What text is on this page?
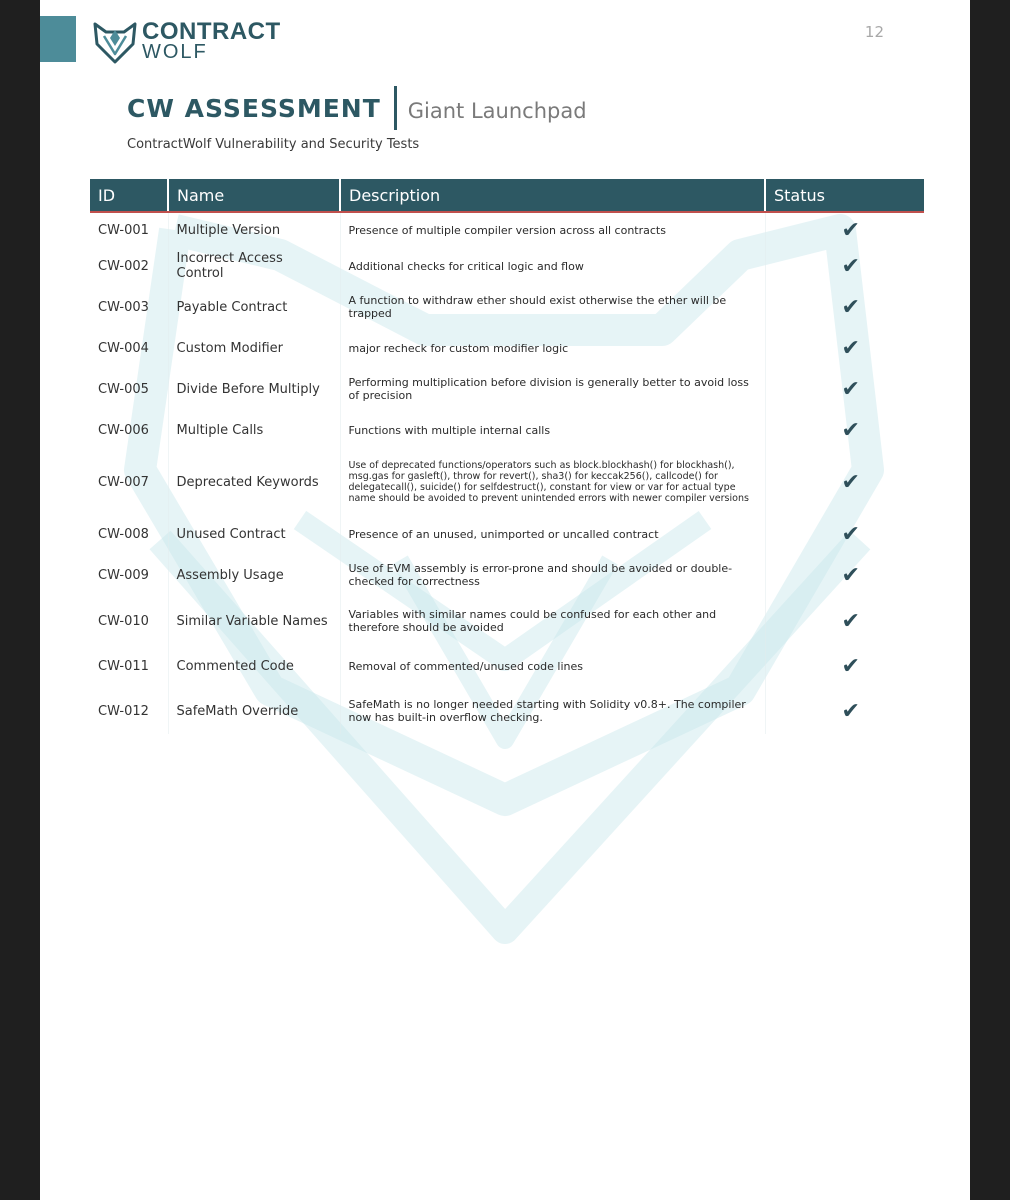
CONTRACT
WOLF
12
CW ASSESSMENT Giant Launchpad
ContractWolf Vulnerability and Security Tests
ID	Name	Description	Status
CW-001	Multiple Version	Presence of multiple compiler version across all contracts	✔
CW-002	Incorrect Access Control	Additional checks for critical logic and flow	✔
CW-003	Payable Contract	A function to withdraw ether should exist otherwise the ether will be trapped	✔
CW-004	Custom Modifier	major recheck for custom modifier logic	✔
CW-005	Divide Before Multiply	Performing multiplication before division is generally better to avoid loss of precision	✔
CW-006	Multiple Calls	Functions with multiple internal calls	✔
CW-007	Deprecated Keywords	Use of deprecated functions/operators such as block.blockhash() for blockhash(), msg.gas for gasleft(), throw for revert(), sha3() for keccak256(), callcode() for delegatecall(), suicide() for selfdestruct(), constant for view or var for actual type name should be avoided to prevent unintended errors with newer compiler versions	✔
CW-008	Unused Contract	Presence of an unused, unimported or uncalled contract	✔
CW-009	Assembly Usage	Use of EVM assembly is error-prone and should be avoided or double-checked for correctness	✔
CW-010	Similar Variable Names	Variables with similar names could be confused for each other and therefore should be avoided	✔
CW-011	Commented Code	Removal of commented/unused code lines	✔
CW-012	SafeMath Override	SafeMath is no longer needed starting with Solidity v0.8+. The compiler now has built-in overflow checking.	✔
